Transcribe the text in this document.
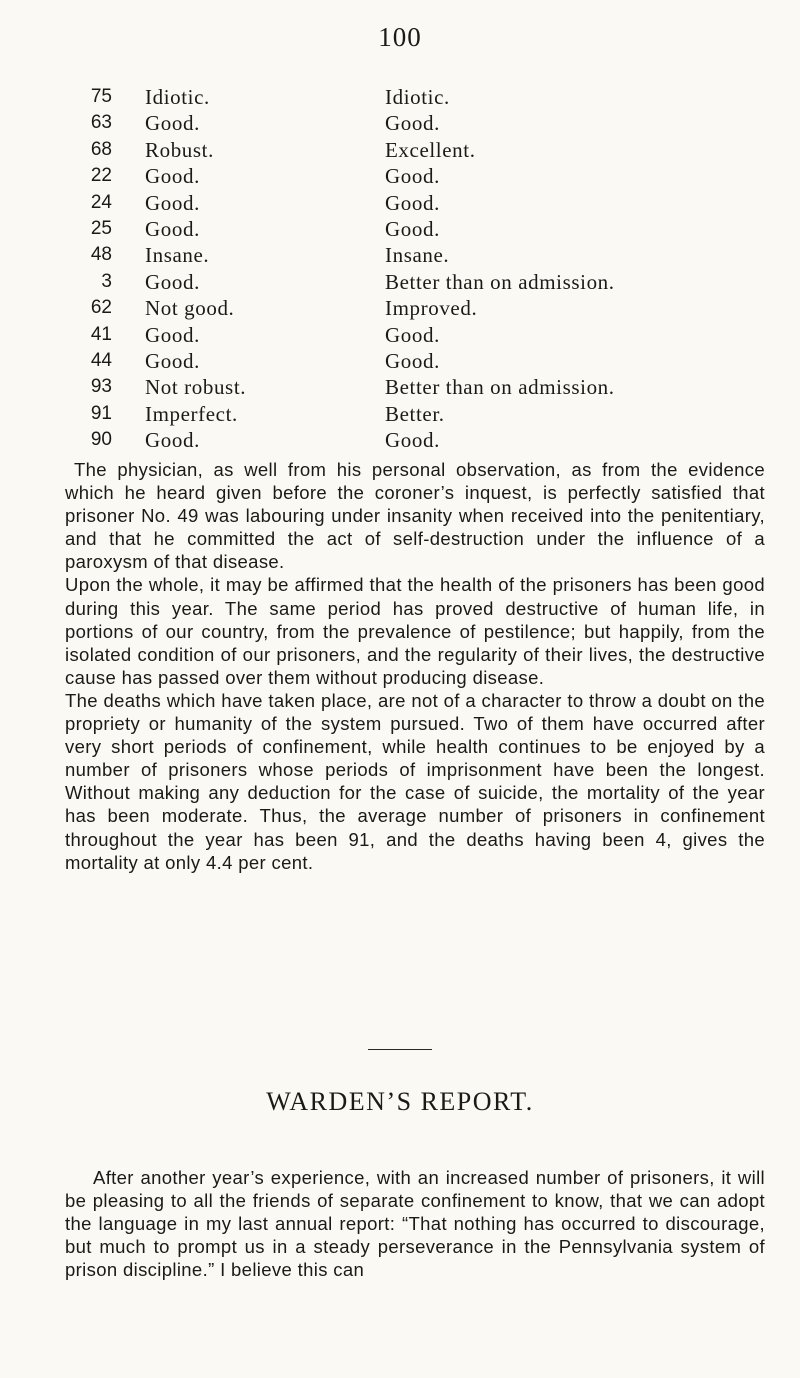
100
75 Idiotic.	Idiotic.
63 Good.	Good.
68 Robust.	Excellent.
22 Good.	Good.
24 Good.	Good.
25 Good.	Good.
48 Insane.	Insane.
3 Good.	Better than on admission.
62 Not good.	Improved.
41 Good.	Good.
44 Good.	Good.
93 Not robust.	Better than on admission.
91 Imperfect.	Better.
90 Good.	Good.

The physician, as well from his personal observation, as from the evidence which he heard given before the coroner’s inquest, is perfectly satisfied that prisoner No. 49 was labouring under insanity when received into the penitentiary, and that he committed the act of self-destruction under the influence of a paroxysm of that disease.

Upon the whole, it may be affirmed that the health of the prisoners has been good during this year. The same period has proved destructive of human life, in portions of our country, from the prevalence of pestilence; but happily, from the isolated condition of our prisoners, and the regularity of their lives, the destructive cause has passed over them without producing disease.

The deaths which have taken place, are not of a character to throw a doubt on the propriety or humanity of the system pursued. Two of them have occurred after very short periods of confinement, while health continues to be enjoyed by a number of prisoners whose periods of imprisonment have been the longest. Without making any deduction for the case of suicide, the mortality of the year has been moderate. Thus, the average number of prisoners in confinement throughout the year has been 91, and the deaths having been 4, gives the mortality at only 4.4 per cent.

WARDEN’S REPORT.

After another year’s experience, with an increased number of prisoners, it will be pleasing to all the friends of separate confinement to know, that we can adopt the language in my last annual report: “That nothing has occurred to discourage, but much to prompt us in a steady perseverance in the Pennsylvania system of prison discipline.” I believe this can
